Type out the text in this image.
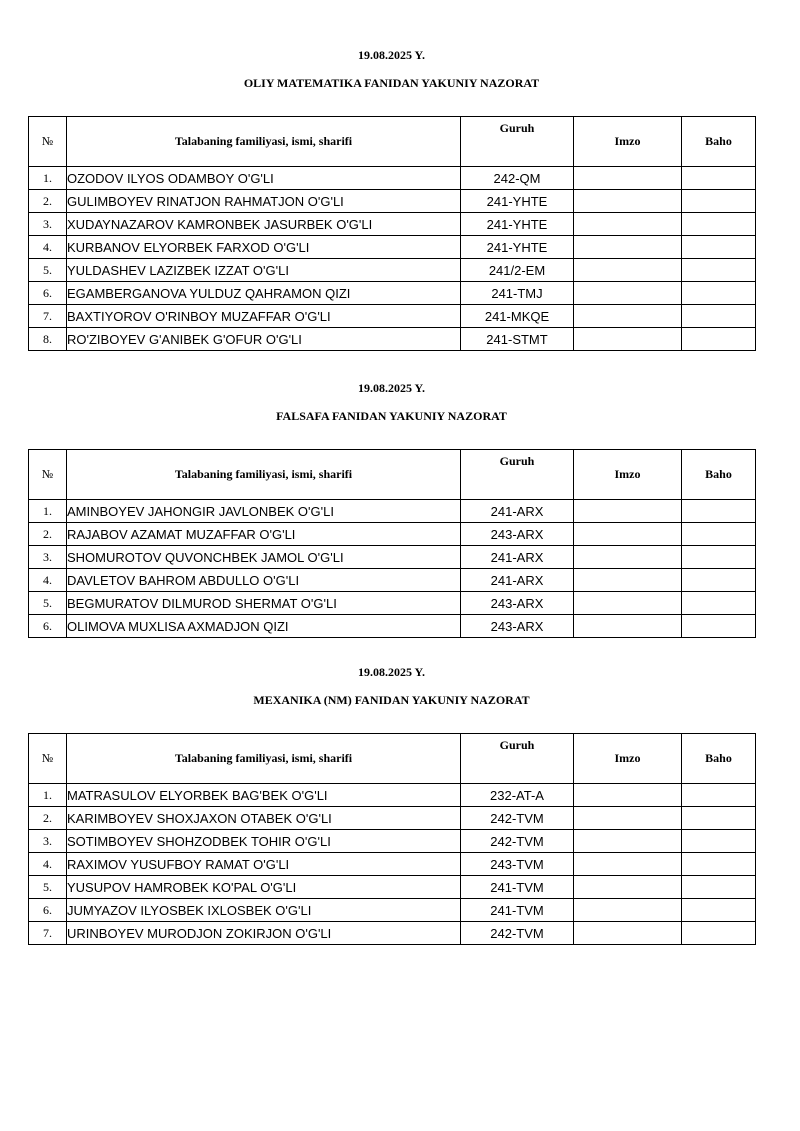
19.08.2025 Y.
OLIY MATEMATIKA FANIDAN YAKUNIY NAZORAT
№	Talabaning familiyasi, ismi, sharifi	Guruh	Imzo	Baho
1.	OZODOV ILYOS ODAMBOY O'G'LI	242-QM		
2.	GULIMBOYEV RINATJON RAHMATJON O'G'LI	241-YHTE		
3.	XUDAYNAZAROV KAMRONBEK JASURBEK O'G'LI	241-YHTE		
4.	KURBANOV ELYORBEK FARXOD O'G'LI	241-YHTE		
5.	YULDASHEV LAZIZBEK IZZAT O'G'LI	241/2-EM		
6.	EGAMBERGANOVA YULDUZ QAHRAMON QIZI	241-TMJ		
7.	BAXTIYOROV O'RINBOY MUZAFFAR O'G'LI	241-MKQE		
8.	RO'ZIBOYEV G'ANIBEK G'OFUR O'G'LI	241-STMT		
19.08.2025 Y.
FALSAFA FANIDAN YAKUNIY NAZORAT
№	Talabaning familiyasi, ismi, sharifi	Guruh	Imzo	Baho
1.	AMINBOYEV JAHONGIR JAVLONBEK O'G'LI	241-ARX		
2.	RAJABOV AZAMAT MUZAFFAR O'G'LI	243-ARX		
3.	SHOMUROTOV QUVONCHBEK JAMOL O'G'LI	241-ARX		
4.	DAVLETOV BAHROM ABDULLO O'G'LI	241-ARX		
5.	BEGMURATOV DILMUROD SHERMAT O'G'LI	243-ARX		
6.	OLIMOVA MUXLISA AXMADJON QIZI	243-ARX		
19.08.2025 Y.
MEXANIKA (NM) FANIDAN YAKUNIY NAZORAT
№	Talabaning familiyasi, ismi, sharifi	Guruh	Imzo	Baho
1.	MATRASULOV ELYORBEK BAG'BEK O'G'LI	232-AT-A		
2.	KARIMBOYEV SHOXJAXON OTABEK O'G'LI	242-TVM		
3.	SOTIMBOYEV SHOHZODBEK TOHIR O'G'LI	242-TVM		
4.	RAXIMOV YUSUFBOY RAMAT O'G'LI	243-TVM		
5.	YUSUPOV HAMROBEK KO'PAL O'G'LI	241-TVM		
6.	JUMYAZOV ILYOSBEK IXLOSBEK O'G'LI	241-TVM		
7.	URINBOYEV MURODJON ZOKIRJON O'G'LI	242-TVM		
